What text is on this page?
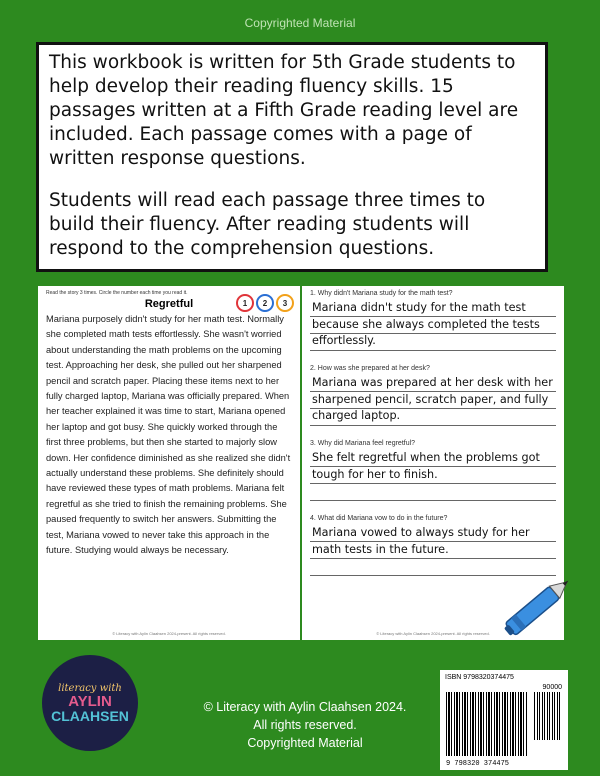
Copyrighted Material

This workbook is written for 5th Grade students to help develop their reading fluency skills. 15 passages written at a Fifth Grade reading level are included. Each passage comes with a page of written response questions.

Students will read each passage three times to build their fluency. After reading students will respond to the comprehension questions.

Read the story 3 times. Circle the number each time you read it.
1	2	3
Regretful
Mariana purposely didn't study for her math test. Normally she completed math tests effortlessly. She wasn't worried about understanding the math problems on the upcoming test. Approaching her desk, she pulled out her sharpened pencil and scratch paper. Placing these items next to her fully charged laptop, Mariana was officially prepared. When her teacher explained it was time to start, Mariana opened her laptop and got busy. She quickly worked through the first three problems, but then she started to majorly slow down. Her confidence diminished as she realized she didn't actually understand these problems. She definitely should have reviewed these types of math problems. Mariana felt regretful as she tried to finish the remaining problems. She paused frequently to switch her answers. Submitting the test, Mariana vowed to never take this approach in the future. Studying would always be necessary.
© Literacy with Aylin Claahsen 2024-present. All rights reserved.
1. Why didn't Mariana study for the math test?
Mariana didn't study for the math test because she always completed the tests effortlessly.
2. How was she prepared at her desk?
Mariana was prepared at her desk with her sharpened pencil, scratch paper, and fully charged laptop.
3. Why did Mariana feel regretful?
She felt regretful when the problems got tough for her to finish.
4. What did Mariana vow to do in the future?
Mariana vowed to always study for her math tests in the future.
© Literacy with Aylin Claahsen 2024-present. All rights reserved.
literacy with
AYLIN
CLAAHSEN
© Literacy with Aylin Claahsen 2024.
All rights reserved.
Copyrighted Material
ISBN 9798320374475
90000
9 798320 374475
